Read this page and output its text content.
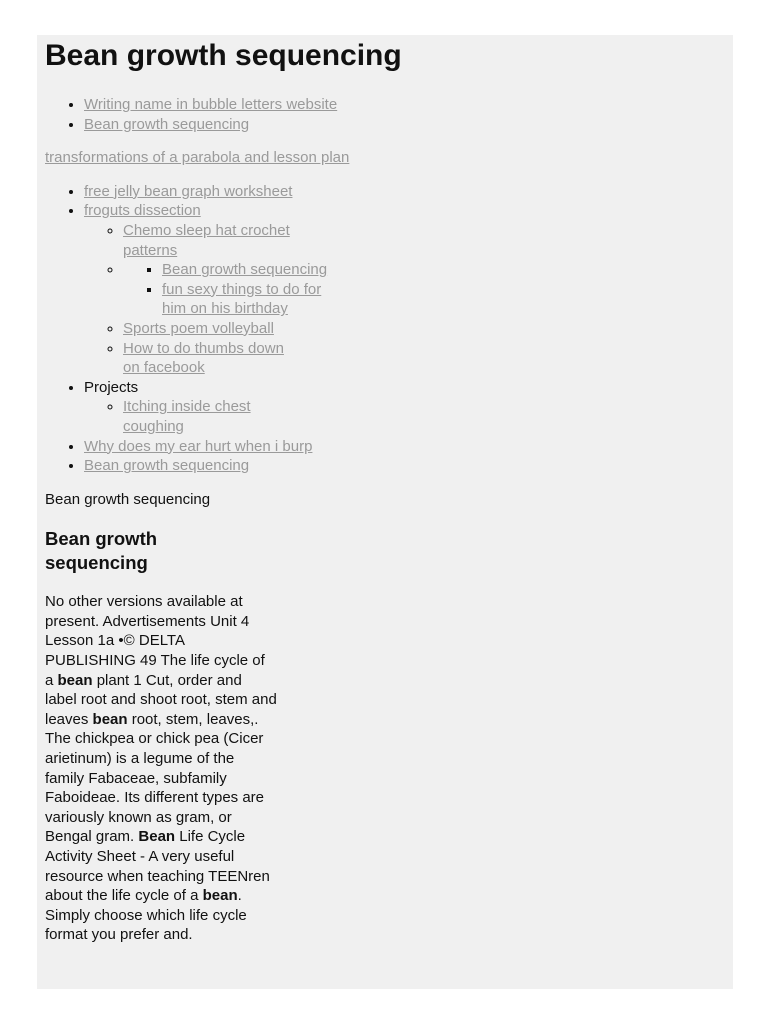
Bean growth sequencing
• Writing name in bubble letters website
• Bean growth sequencing
transformations of a parabola and lesson plan
• free jelly bean graph worksheet
• froguts dissection
◦ Chemo sleep hat crochet patterns
▪ ◦ Bean growth sequencing
▪ fun sexy things to do for him on his birthday
◦ Sports poem volleyball
◦ How to do thumbs down on facebook
• Projects
◦ Itching inside chest coughing
• Why does my ear hurt when i burp
• Bean growth sequencing

Bean growth sequencing

Bean growth sequencing

No other versions available at present. Advertisements Unit 4 Lesson 1a •© DELTA PUBLISHING 49 The life cycle of a bean plant 1 Cut, order and label root and shoot root, stem and leaves bean root, stem, leaves,. The chickpea or chick pea (Cicer arietinum) is a legume of the family Fabaceae, subfamily Faboideae. Its different types are variously known as gram, or Bengal gram. Bean Life Cycle Activity Sheet - A very useful resource when teaching TEENren about the life cycle of a bean. Simply choose which life cycle format you prefer and.
